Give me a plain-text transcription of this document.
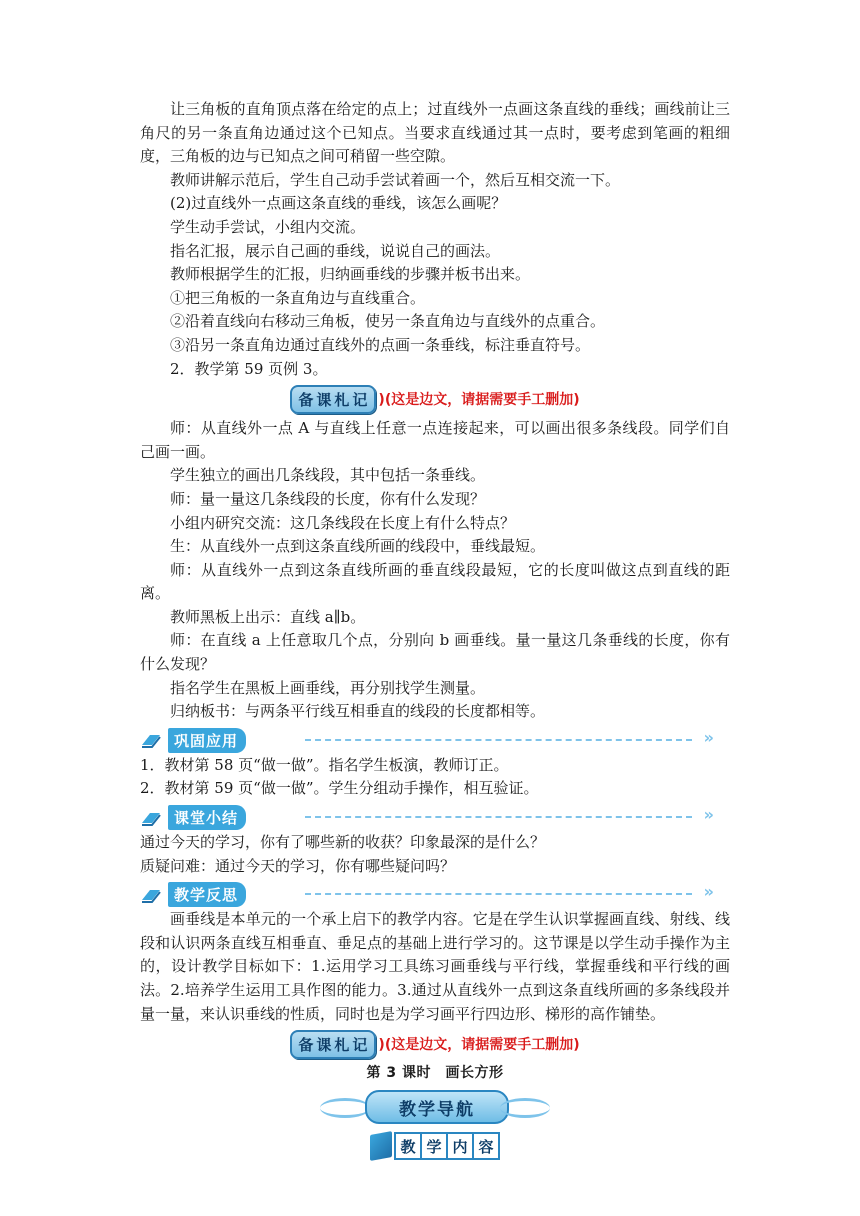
让三角板的直角顶点落在给定的点上；过直线外一点画这条直线的垂线；画线前让三角尺的另一条直角边通过这个已知点。当要求直线通过其一点时，要考虑到笔画的粗细度，三角板的边与已知点之间可稍留一些空隙。

教师讲解示范后，学生自己动手尝试着画一个，然后互相交流一下。

(2)过直线外一点画这条直线的垂线，该怎么画呢？

学生动手尝试，小组内交流。

指名汇报，展示自己画的垂线，说说自己的画法。

教师根据学生的汇报，归纳画垂线的步骤并板书出来。

①把三角板的一条直角边与直线重合。

②沿着直线向右移动三角板，使另一条直角边与直线外的点重合。

③沿另一条直角边通过直线外的点画一条垂线，标注垂直符号。

2．教学第 59 页例 3。

备 课 札 记 )(这是边文，请据需要手工删加)

师：从直线外一点 A 与直线上任意一点连接起来，可以画出很多条线段。同学们自己画一画。

学生独立的画出几条线段，其中包括一条垂线。

师：量一量这几条线段的长度，你有什么发现？

小组内研究交流：这几条线段在长度上有什么特点？

生：从直线外一点到这条直线所画的线段中，垂线最短。

师：从直线外一点到这条直线所画的垂直线段最短，它的长度叫做这点到直线的距离。

教师黑板上出示：直线 a∥b。

师：在直线 a 上任意取几个点，分别向 b 画垂线。量一量这几条垂线的长度，你有什么发现？

指名学生在黑板上画垂线，再分别找学生测量。

归纳板书：与两条平行线互相垂直的线段的长度都相等。

巩固应用	»

1．教材第 58 页“做一做”。指名学生板演，教师订正。

2．教材第 59 页“做一做”。学生分组动手操作，相互验证。

课堂小结	»

通过今天的学习，你有了哪些新的收获？印象最深的是什么？

质疑问难：通过今天的学习，你有哪些疑问吗？

教学反思	»

画垂线是本单元的一个承上启下的教学内容。它是在学生认识掌握画直线、射线、线段和认识两条直线互相垂直、垂足点的基础上进行学习的。这节课是以学生动手操作为主的，设计教学目标如下：1.运用学习工具练习画垂线与平行线，掌握垂线和平行线的画法。2.培养学生运用工具作图的能力。3.通过从直线外一点到这条直线所画的多条线段并量一量，来认识垂线的性质，同时也是为学习画平行四边形、梯形的高作铺垫。

备 课 札 记 )(这是边文，请据需要手工删加)
第 3 课时　画长方形
教学导航
教 学 内 容
